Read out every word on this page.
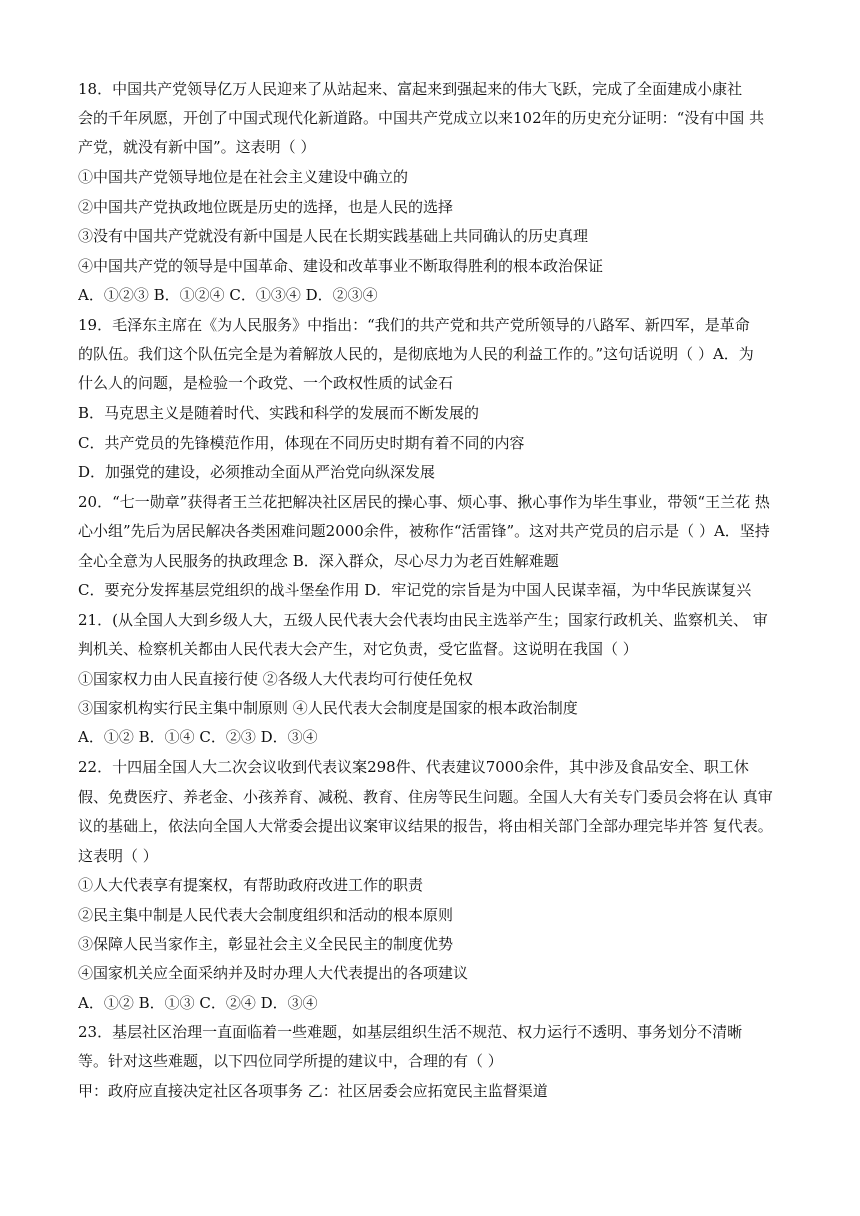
18．中国共产党领导亿万人民迎来了从站起来、富起来到强起来的伟大飞跃，完成了全面建成小康社
会的千年夙愿，开创了中国式现代化新道路。中国共产党成立以来102年的历史充分证明：“没有中国 共
产党，就没有新中国”。这表明（ ）
①中国共产党领导地位是在社会主义建设中确立的
②中国共产党执政地位既是历史的选择，也是人民的选择
③没有中国共产党就没有新中国是人民在长期实践基础上共同确认的历史真理
④中国共产党的领导是中国革命、建设和改革事业不断取得胜利的根本政治保证
A．①②③ B．①②④ C．①③④ D．②③④
19．毛泽东主席在《为人民服务》中指出：“我们的共产党和共产党所领导的八路军、新四军，是革命
的队伍。我们这个队伍完全是为着解放人民的，是彻底地为人民的利益工作的。”这句话说明（ ）A．为
什么人的问题，是检验一个政党、一个政权性质的试金石
B．马克思主义是随着时代、实践和科学的发展而不断发展的
C．共产党员的先锋模范作用，体现在不同历史时期有着不同的内容
D．加强党的建设，必须推动全面从严治党向纵深发展
20．“七一勋章”获得者王兰花把解决社区居民的操心事、烦心事、揪心事作为毕生事业，带领“王兰花 热
心小组”先后为居民解决各类困难问题2000余件，被称作“活雷锋”。这对共产党员的启示是（ ）A．坚持
全心全意为人民服务的执政理念 B．深入群众，尽心尽力为老百姓解难题
C．要充分发挥基层党组织的战斗堡垒作用 D．牢记党的宗旨是为中国人民谋幸福，为中华民族谋复兴
21．(从全国人大到乡级人大，五级人民代表大会代表均由民主选举产生；国家行政机关、监察机关、 审
判机关、检察机关都由人民代表大会产生，对它负责，受它监督。这说明在我国（ ）
①国家权力由人民直接行使 ②各级人大代表均可行使任免权
③国家机构实行民主集中制原则 ④人民代表大会制度是国家的根本政治制度
A．①② B．①④ C．②③ D．③④
22．十四届全国人大二次会议收到代表议案298件、代表建议7000余件，其中涉及食品安全、职工休
假、免费医疗、养老金、小孩养育、减税、教育、住房等民生问题。全国人大有关专门委员会将在认 真审
议的基础上，依法向全国人大常委会提出议案审议结果的报告，将由相关部门全部办理完毕并答 复代表。
这表明（ ）
①人大代表享有提案权，有帮助政府改进工作的职责
②民主集中制是人民代表大会制度组织和活动的根本原则
③保障人民当家作主，彰显社会主义全民民主的制度优势
④国家机关应全面采纳并及时办理人大代表提出的各项建议
A．①② B．①③ C．②④ D．③④
23．基层社区治理一直面临着一些难题，如基层组织生活不规范、权力运行不透明、事务划分不清晰
等。针对这些难题，以下四位同学所提的建议中，合理的有（ ）
甲：政府应直接决定社区各项事务 乙：社区居委会应拓宽民主监督渠道
